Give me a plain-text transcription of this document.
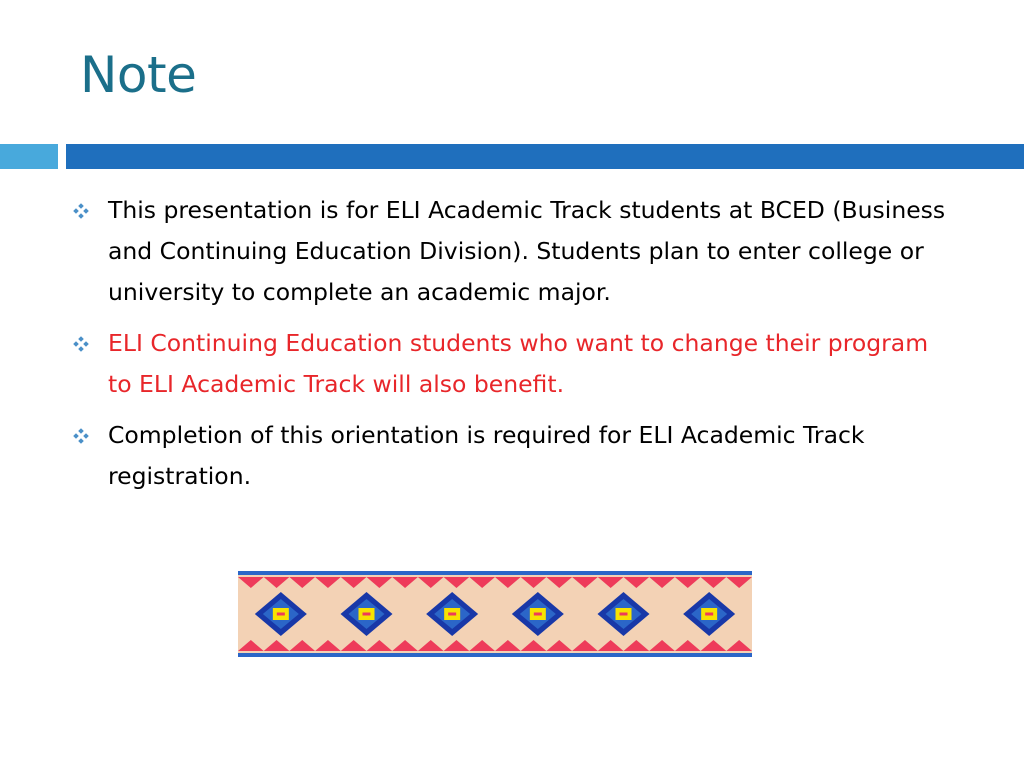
Note
This presentation is for ELI Academic Track students at BCED (Business and Continuing Education Division). Students plan to enter college or university to complete an academic major.
ELI Continuing Education students who want to change their program to ELI Academic Track will also benefit.
Completion of this orientation is required for ELI Academic Track registration.
